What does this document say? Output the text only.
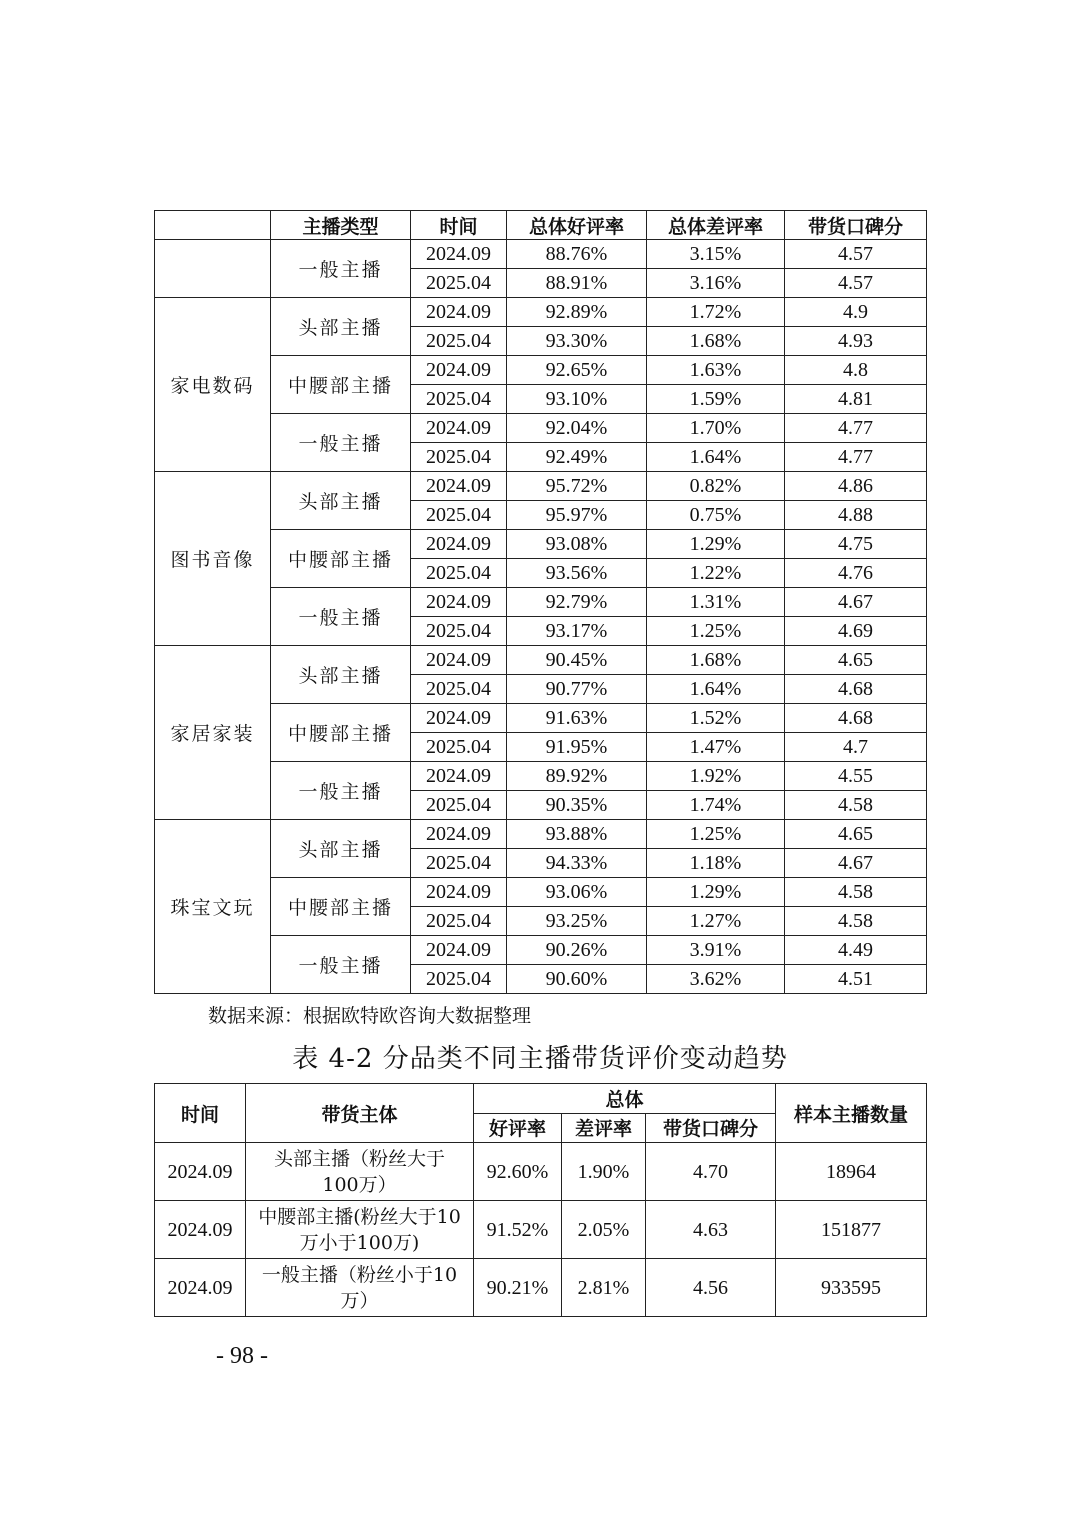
	主播类型	时间	总体好评率	总体差评率	带货口碑分
	一般主播	2024.09	88.76%	3.15%	4.57
		2025.04	88.91%	3.16%	4.57
家电数码	头部主播	2024.09	92.89%	1.72%	4.9
		2025.04	93.30%	1.68%	4.93
	中腰部主播	2024.09	92.65%	1.63%	4.8
		2025.04	93.10%	1.59%	4.81
	一般主播	2024.09	92.04%	1.70%	4.77
		2025.04	92.49%	1.64%	4.77
图书音像	头部主播	2024.09	95.72%	0.82%	4.86
		2025.04	95.97%	0.75%	4.88
	中腰部主播	2024.09	93.08%	1.29%	4.75
		2025.04	93.56%	1.22%	4.76
	一般主播	2024.09	92.79%	1.31%	4.67
		2025.04	93.17%	1.25%	4.69
家居家装	头部主播	2024.09	90.45%	1.68%	4.65
		2025.04	90.77%	1.64%	4.68
	中腰部主播	2024.09	91.63%	1.52%	4.68
		2025.04	91.95%	1.47%	4.7
	一般主播	2024.09	89.92%	1.92%	4.55
		2025.04	90.35%	1.74%	4.58
珠宝文玩	头部主播	2024.09	93.88%	1.25%	4.65
		2025.04	94.33%	1.18%	4.67
	中腰部主播	2024.09	93.06%	1.29%	4.58
		2025.04	93.25%	1.27%	4.58
	一般主播	2024.09	90.26%	3.91%	4.49
		2025.04	90.60%	3.62%	4.51
数据来源：根据欧特欧咨询大数据整理
表 4-2 分品类不同主播带货评价变动趋势
时间	带货主体	总体			样本主播数量
		好评率	差评率	带货口碑分	
2024.09	头部主播（粉丝大于100万）	92.60%	1.90%	4.70	18964
2024.09	中腰部主播(粉丝大于10万小于100万)	91.52%	2.05%	4.63	151877
2024.09	一般主播（粉丝小于10万）	90.21%	2.81%	4.56	933595
- 98 -
